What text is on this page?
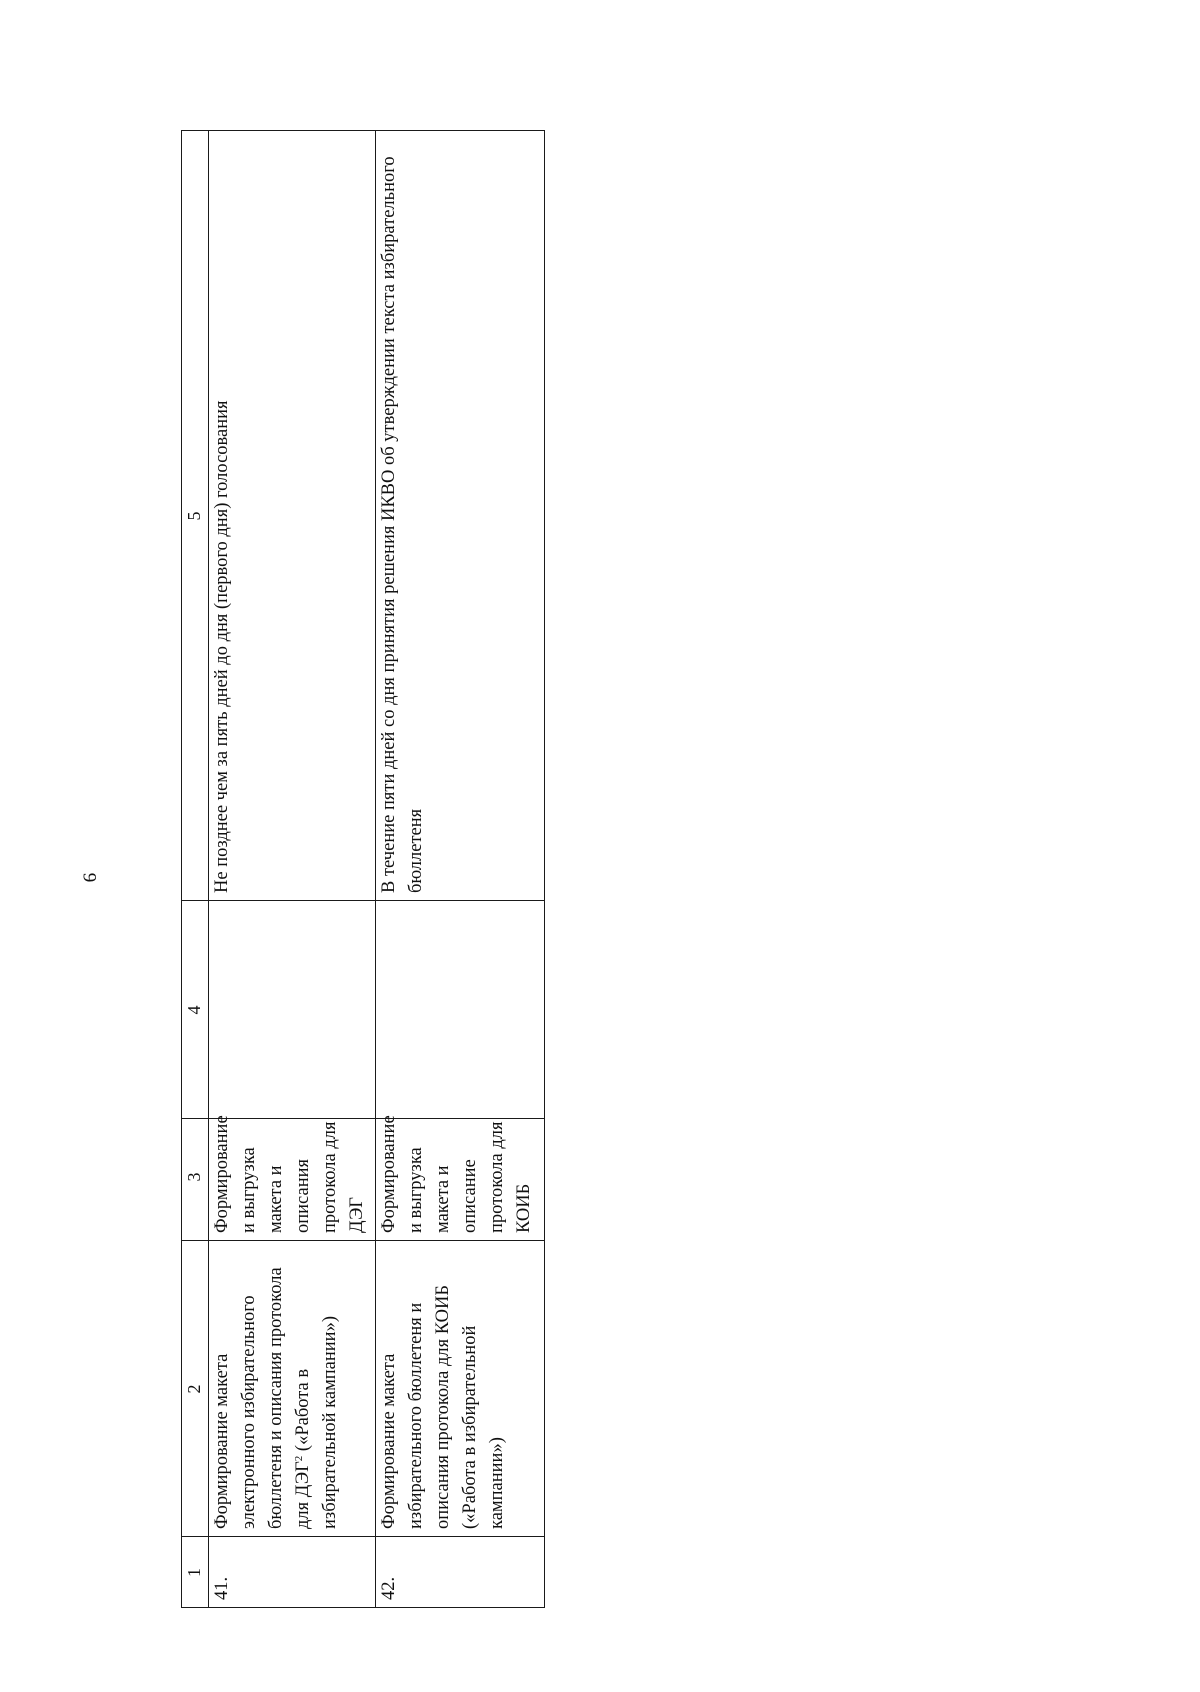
9
1	2	3	4	5
41.	Формирование макета электронного избирательного бюллетеня и описания протокола для ДЭГ$^2$ («Работа в избирательной кампании»)	Формирование и выгрузка макета и описания протокола для ДЭГ		Не позднее чем за пять дней до дня (первого дня) голосования
42.	Формирование макета избирательного бюллетеня и описания протокола для КОИБ («Работа в избирательной кампании»)	Формирование и выгрузка макета и описание протокола для КОИБ		В течение пяти дней со дня принятия решения ИКВО об утверждении текста избирательного бюллетеня
